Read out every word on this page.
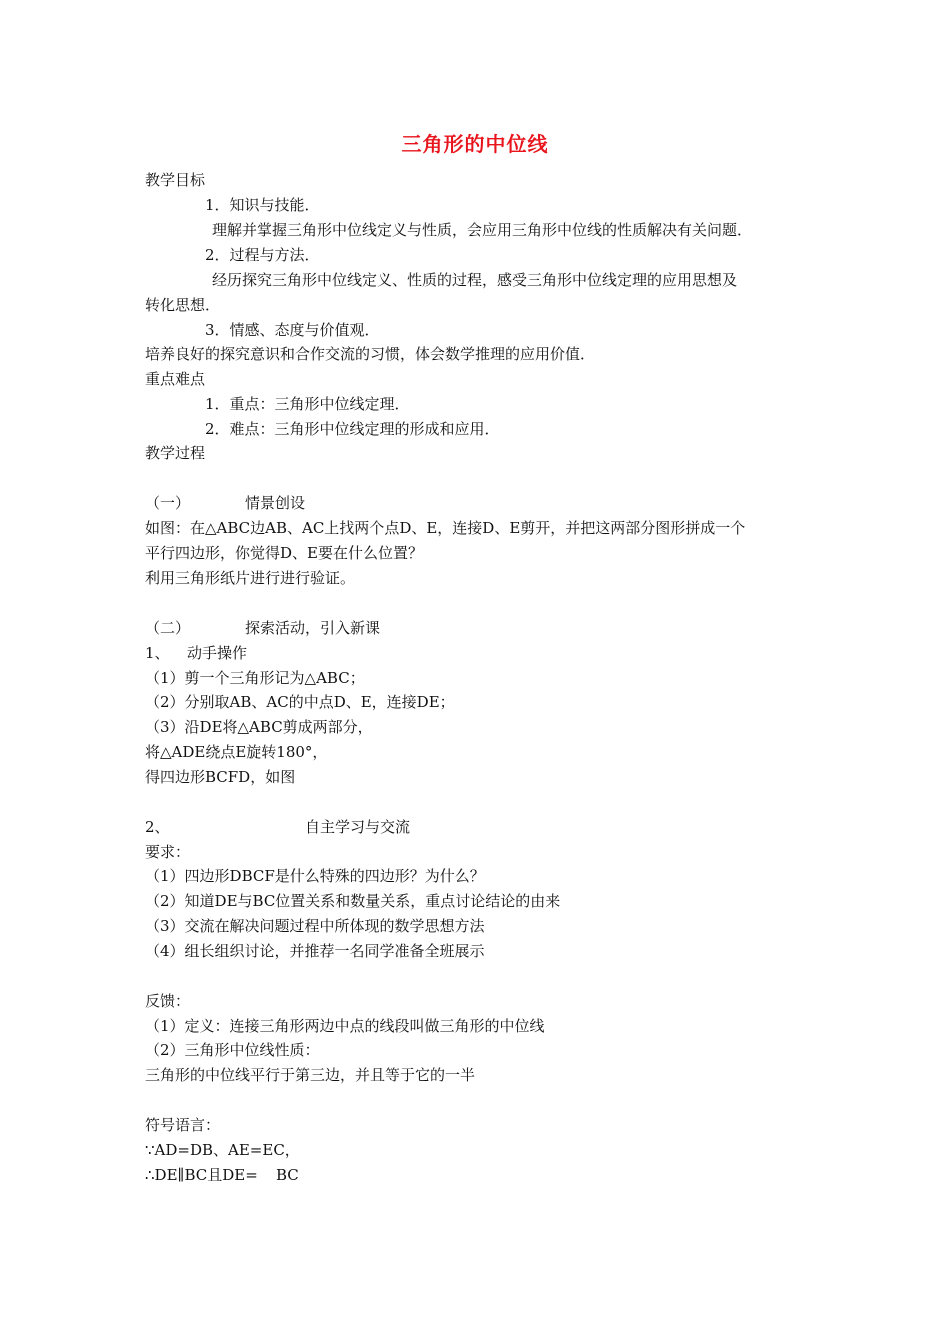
三角形的中位线
教学目标
1．知识与技能．
理解并掌握三角形中位线定义与性质，会应用三角形中位线的性质解决有关问题．
2．过程与方法．
经历探究三角形中位线定义、性质的过程，感受三角形中位线定理的应用思想及
转化思想．
3．情感、态度与价值观．
培养良好的探究意识和合作交流的习惯，体会数学推理的应用价值．
重点难点
1．重点：三角形中位线定理．
2．难点：三角形中位线定理的形成和应用．
教学过程
（一）	情景创设
如图：在△ABC边AB、AC上找两个点D、E，连接D、E剪开，并把这两部分图形拼成一个
平行四边形，你觉得D、E要在什么位置？
利用三角形纸片进行进行验证。
（二）	探索活动，引入新课
1、 动手操作
（1）剪一个三角形记为△ABC；
（2）分别取AB、AC的中点D、E，连接DE；
（3）沿DE将△ABC剪成两部分，
将△ADE绕点E旋转180°，
得四边形BCFD，如图
2、	自主学习与交流
要求：
（1）四边形DBCF是什么特殊的四边形？为什么？
（2）知道DE与BC位置关系和数量关系，重点讨论结论的由来
（3）交流在解决问题过程中所体现的数学思想方法
（4）组长组织讨论，并推荐一名同学准备全班展示
反馈：
（1）定义：连接三角形两边中点的线段叫做三角形的中位线
（2）三角形中位线性质：
三角形的中位线平行于第三边，并且等于它的一半
符号语言：
∵AD=DB、AE=EC，
∴DE∥BC且DE= BC
